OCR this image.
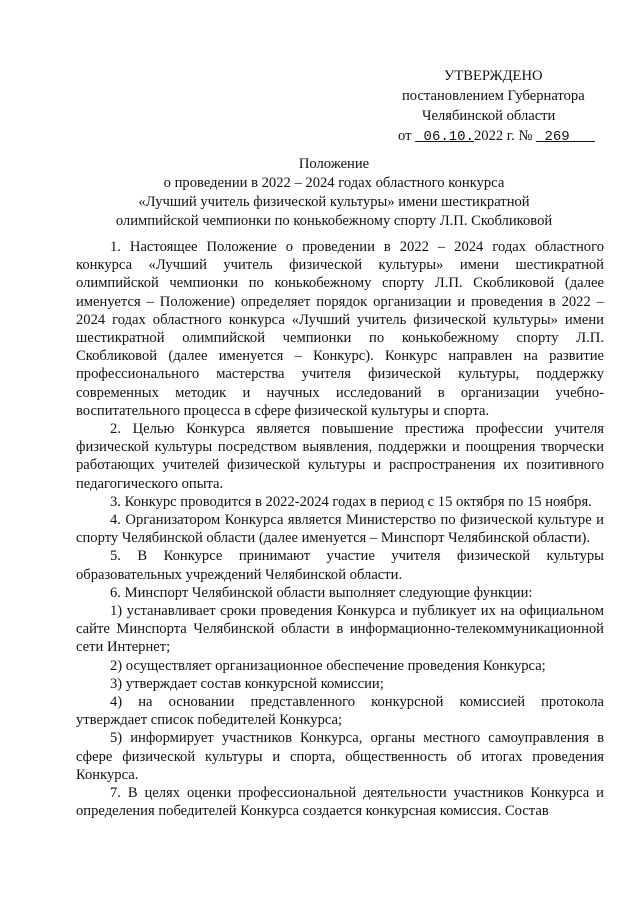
УТВЕРЖДЕНО
постановлением Губернатора
Челябинской области
от 06.10.2022 г. № 269
Положение
о проведении в 2022 – 2024 годах областного конкурса
«Лучший учитель физической культуры» имени шестикратной
олимпийской чемпионки по конькобежному спорту Л.П. Скобликовой

1. Настоящее Положение о проведении в 2022 – 2024 годах областного конкурса «Лучший учитель физической культуры» имени шестикратной олимпийской чемпионки по конькобежному спорту Л.П. Скобликовой (далее именуется – Положение) определяет порядок организации и проведения в 2022 – 2024 годах областного конкурса «Лучший учитель физической культуры» имени шестикратной олимпийской чемпионки по конькобежному спорту Л.П. Скобликовой (далее именуется – Конкурс). Конкурс направлен на развитие профессионального мастерства учителя физической культуры, поддержку современных методик и научных исследований в организации учебно-воспитательного процесса в сфере физической культуры и спорта.

2. Целью Конкурса является повышение престижа профессии учителя физической культуры посредством выявления, поддержки и поощрения творчески работающих учителей физической культуры и распространения их позитивного педагогического опыта.

3. Конкурс проводится в 2022-2024 годах в период с 15 октября по 15 ноября.

4. Организатором Конкурса является Министерство по физической культуре и спорту Челябинской области (далее именуется – Минспорт Челябинской области).

5. В Конкурсе принимают участие учителя физической культуры образовательных учреждений Челябинской области.

6. Минспорт Челябинской области выполняет следующие функции:

1) устанавливает сроки проведения Конкурса и публикует их на официальном сайте Минспорта Челябинской области в информационно-телекоммуникационной сети Интернет;

2) осуществляет организационное обеспечение проведения Конкурса;

3) утверждает состав конкурсной комиссии;

4) на основании представленного конкурсной комиссией протокола утверждает список победителей Конкурса;

5) информирует участников Конкурса, органы местного самоуправления в сфере физической культуры и спорта, общественность об итогах проведения Конкурса.

7. В целях оценки профессиональной деятельности участников Конкурса и определения победителей Конкурса создается конкурсная комиссия. Состав
